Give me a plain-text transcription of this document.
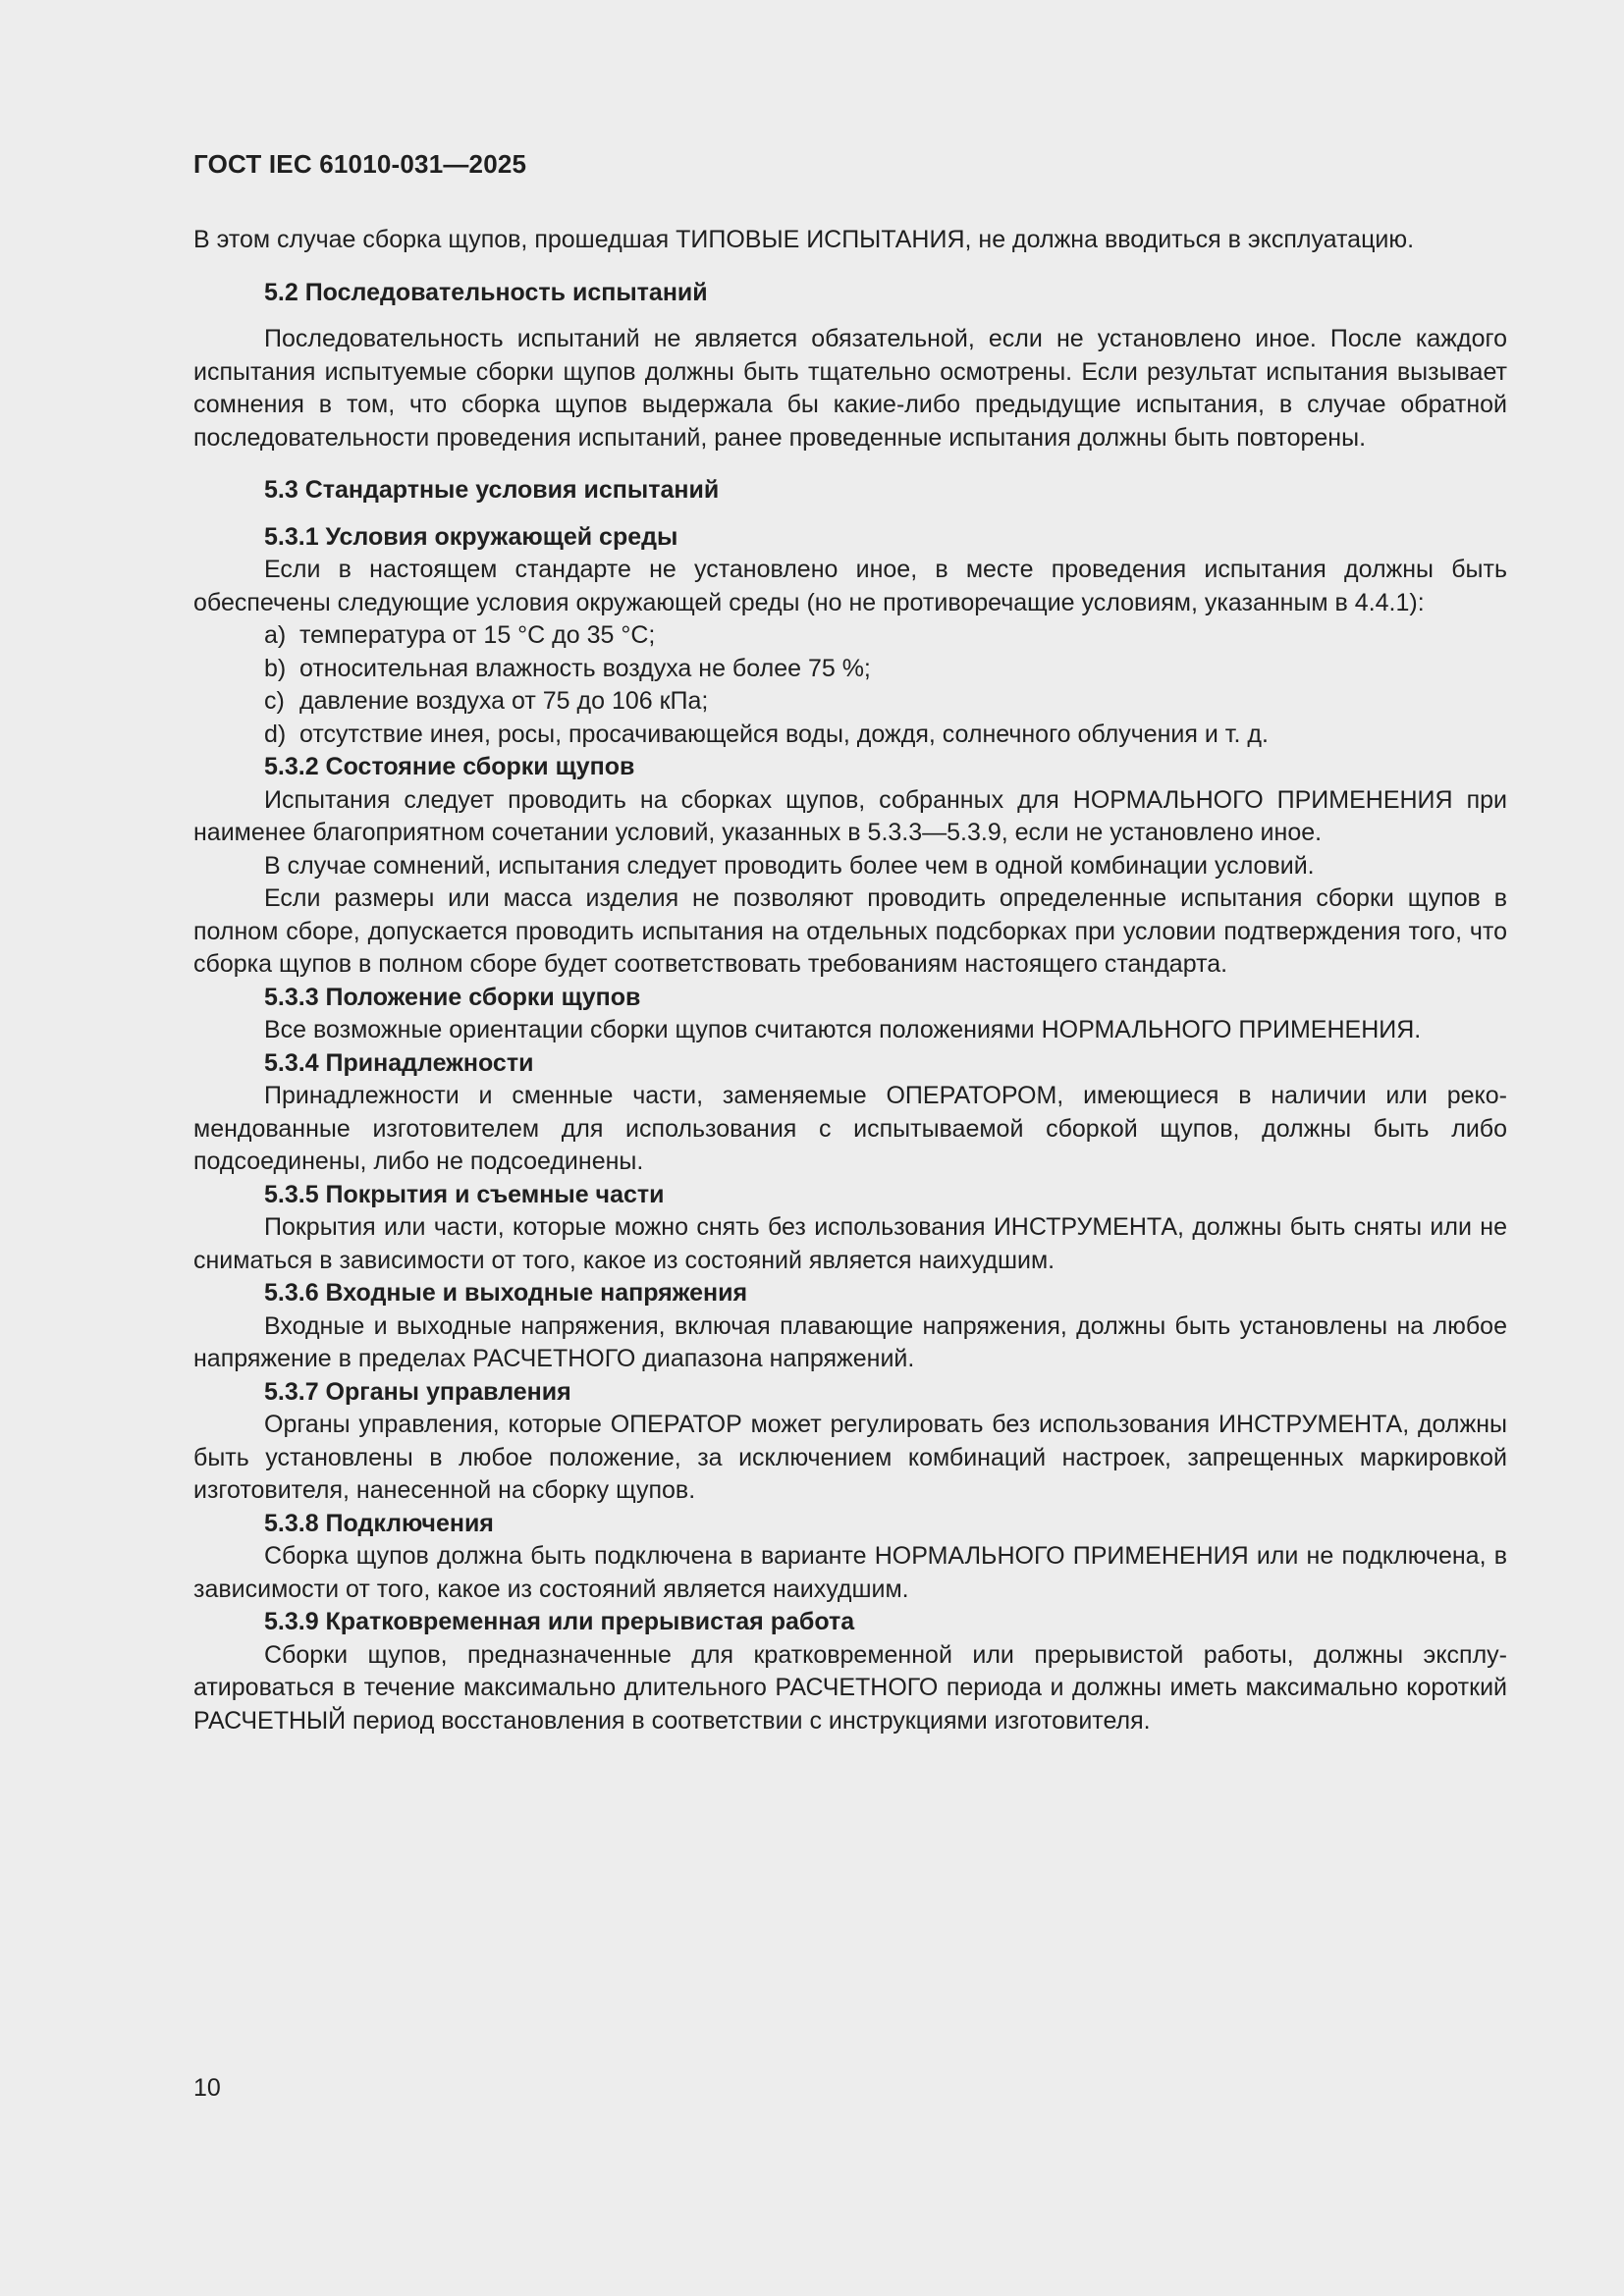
ГОСТ IEC 61010-031—2025

В этом случае сборка щупов, прошедшая ТИПОВЫЕ ИСПЫТАНИЯ, не должна вводиться в эксплуатацию.

5.2 Последовательность испытаний

Последовательность испытаний не является обязательной, если не установлено иное. После каждого испытания испытуемые сборки щупов должны быть тщательно осмотрены. Если результат испытания вызывает сомнения в том, что сборка щупов выдержала бы какие-либо предыдущие испытания, в случае обратной последовательности проведения испытаний, ранее проведенные испытания должны быть повторены.

5.3 Стандартные условия испытаний

5.3.1 Условия окружающей среды

Если в настоящем стандарте не установлено иное, в месте проведения испытания должны быть обеспечены следующие условия окружающей среды (но не противоречащие условиям, указанным в 4.4.1):

a) температура от 15 °С до 35 °С;

b) относительная влажность воздуха не более 75 %;

c) давление воздуха от 75 до 106 кПа;

d) отсутствие инея, росы, просачивающейся воды, дождя, солнечного облучения и т. д.

5.3.2 Состояние сборки щупов

Испытания следует проводить на сборках щупов, собранных для НОРМАЛЬНОГО ПРИМЕНЕНИЯ при наименее благоприятном сочетании условий, указанных в 5.3.3—5.3.9, если не установлено иное.

В случае сомнений, испытания следует проводить более чем в одной комбинации условий.

Если размеры или масса изделия не позволяют проводить определенные испытания сборки щупов в полном сборе, допускается проводить испытания на отдельных подсборках при условии подтверждения того, что сборка щупов в полном сборе будет соответствовать требованиям настоящего стандарта.

5.3.3 Положение сборки щупов

Все возможные ориентации сборки щупов считаются положениями НОРМАЛЬНОГО ПРИМЕНЕНИЯ.

5.3.4 Принадлежности

Принадлежности и сменные части, заменяемые ОПЕРАТОРОМ, имеющиеся в наличии или рекомендованные изготовителем для использования с испытываемой сборкой щупов, должны быть либо подсоединены, либо не подсоединены.

5.3.5 Покрытия и съемные части

Покрытия или части, которые можно снять без использования ИНСТРУМЕНТА, должны быть сняты или не сниматься в зависимости от того, какое из состояний является наихудшим.

5.3.6 Входные и выходные напряжения

Входные и выходные напряжения, включая плавающие напряжения, должны быть установлены на любое напряжение в пределах РАСЧЕТНОГО диапазона напряжений.

5.3.7 Органы управления

Органы управления, которые ОПЕРАТОР может регулировать без использования ИНСТРУМЕНТА, должны быть установлены в любое положение, за исключением комбинаций настроек, запрещенных маркировкой изготовителя, нанесенной на сборку щупов.

5.3.8 Подключения

Сборка щупов должна быть подключена в варианте НОРМАЛЬНОГО ПРИМЕНЕНИЯ или не подключена, в зависимости от того, какое из состояний является наихудшим.

5.3.9 Кратковременная или прерывистая работа

Сборки щупов, предназначенные для кратковременной или прерывистой работы, должны эксплуатироваться в течение максимально длительного РАСЧЕТНОГО периода и должны иметь максимально короткий РАСЧЕТНЫЙ период восстановления в соответствии с инструкциями изготовителя.

10
